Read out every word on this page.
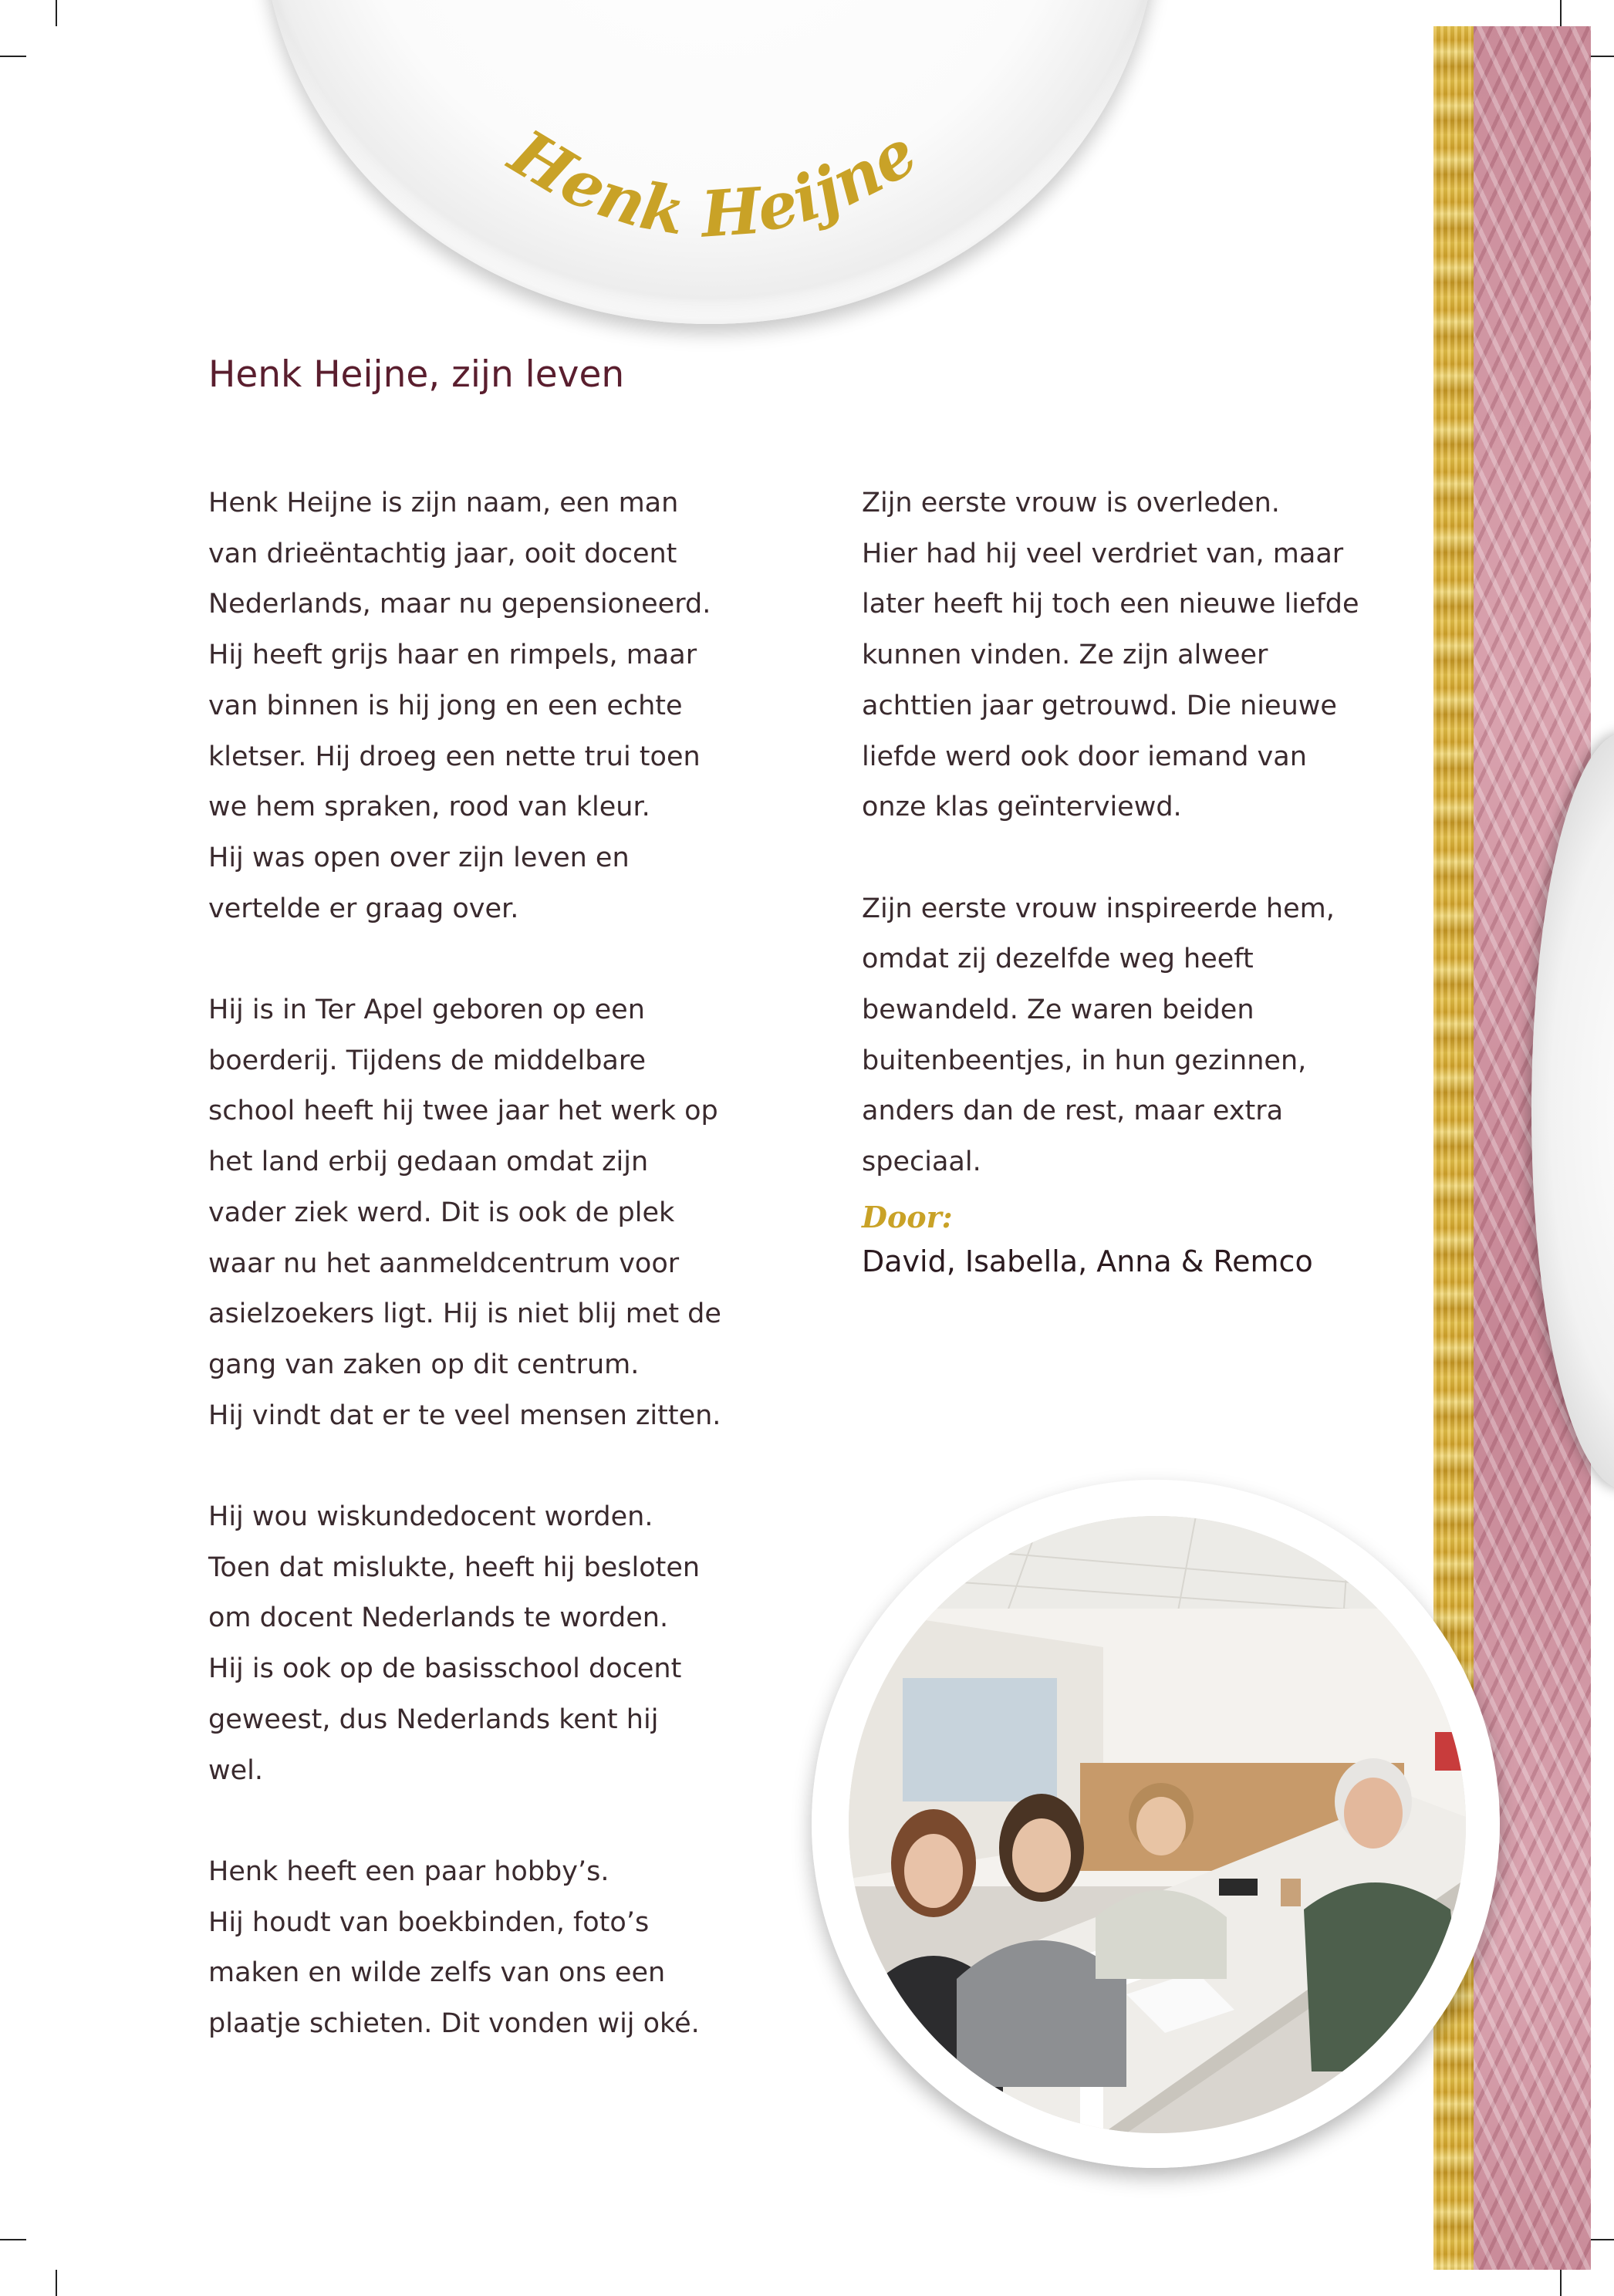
Henk Heijne
Henk Heijne, zijn leven

Henk Heijne is zijn naam, een man
van drieëntachtig jaar, ooit docent
Nederlands, maar nu gepensioneerd.
Hij heeft grijs haar en rimpels, maar
van binnen is hij jong en een echte
kletser. Hij droeg een nette trui toen
we hem spraken, rood van kleur.
Hij was open over zijn leven en
vertelde er graag over.

Hij is in Ter Apel geboren op een
boerderij. Tijdens de middelbare
school heeft hij twee jaar het werk op
het land erbij gedaan omdat zijn
vader ziek werd. Dit is ook de plek
waar nu het aanmeldcentrum voor
asielzoekers ligt. Hij is niet blij met de
gang van zaken op dit centrum.
Hij vindt dat er te veel mensen zitten.

Hij wou wiskundedocent worden.
Toen dat mislukte, heeft hij besloten
om docent Nederlands te worden.
Hij is ook op de basisschool docent
geweest, dus Nederlands kent hij
wel.

Henk heeft een paar hobby’s.
Hij houdt van boekbinden, foto’s
maken en wilde zelfs van ons een
plaatje schieten. Dit vonden wij oké.

Zijn eerste vrouw is overleden.
Hier had hij veel verdriet van, maar
later heeft hij toch een nieuwe liefde
kunnen vinden. Ze zijn alweer
achttien jaar getrouwd. Die nieuwe
liefde werd ook door iemand van
onze klas geïnterviewd.

Zijn eerste vrouw inspireerde hem,
omdat zij dezelfde weg heeft
bewandeld. Ze waren beiden
buitenbeentjes, in hun gezinnen,
anders dan de rest, maar extra
speciaal.

Door:
David, Isabella, Anna & Remco
